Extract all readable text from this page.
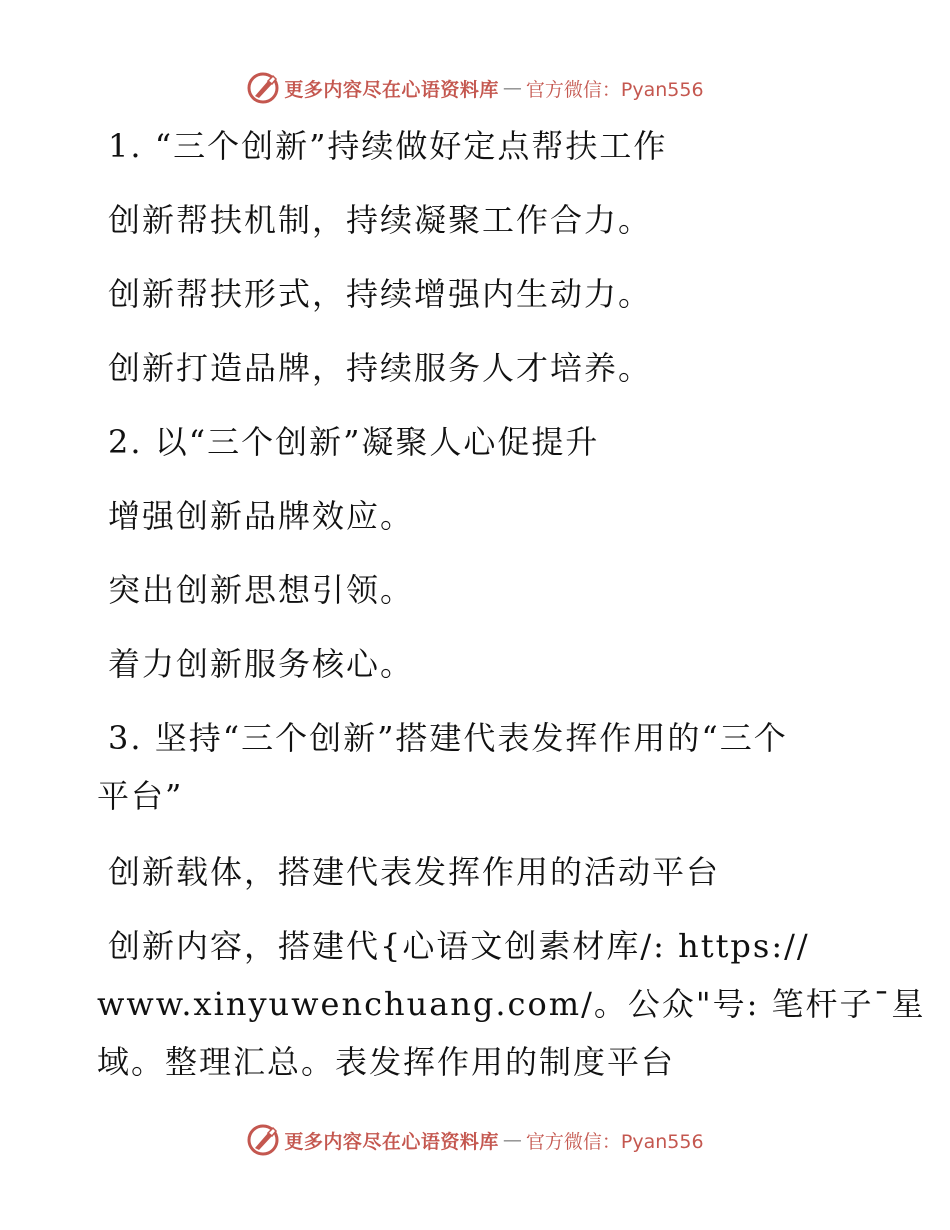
更多内容尽在心语资料库 — 官方微信：Pyan556
1. “三个创新”持续做好定点帮扶工作
创新帮扶机制，持续凝聚工作合力。
创新帮扶形式，持续增强内生动力。
创新打造品牌，持续服务人才培养。
2. 以“三个创新”凝聚人心促提升
增强创新品牌效应。
突出创新思想引领。
着力创新服务核心。
3. 坚持“三个创新”搭建代表发挥作用的“三个
平台”
创新载体，搭建代表发挥作用的活动平台
创新内容，搭建代{心语文创素材库/: https://
www.xinyuwenchuang.com/。公众"号: 笔杆子¯星
域。整理汇总。表发挥作用的制度平台
更多内容尽在心语资料库 — 官方微信：Pyan556
